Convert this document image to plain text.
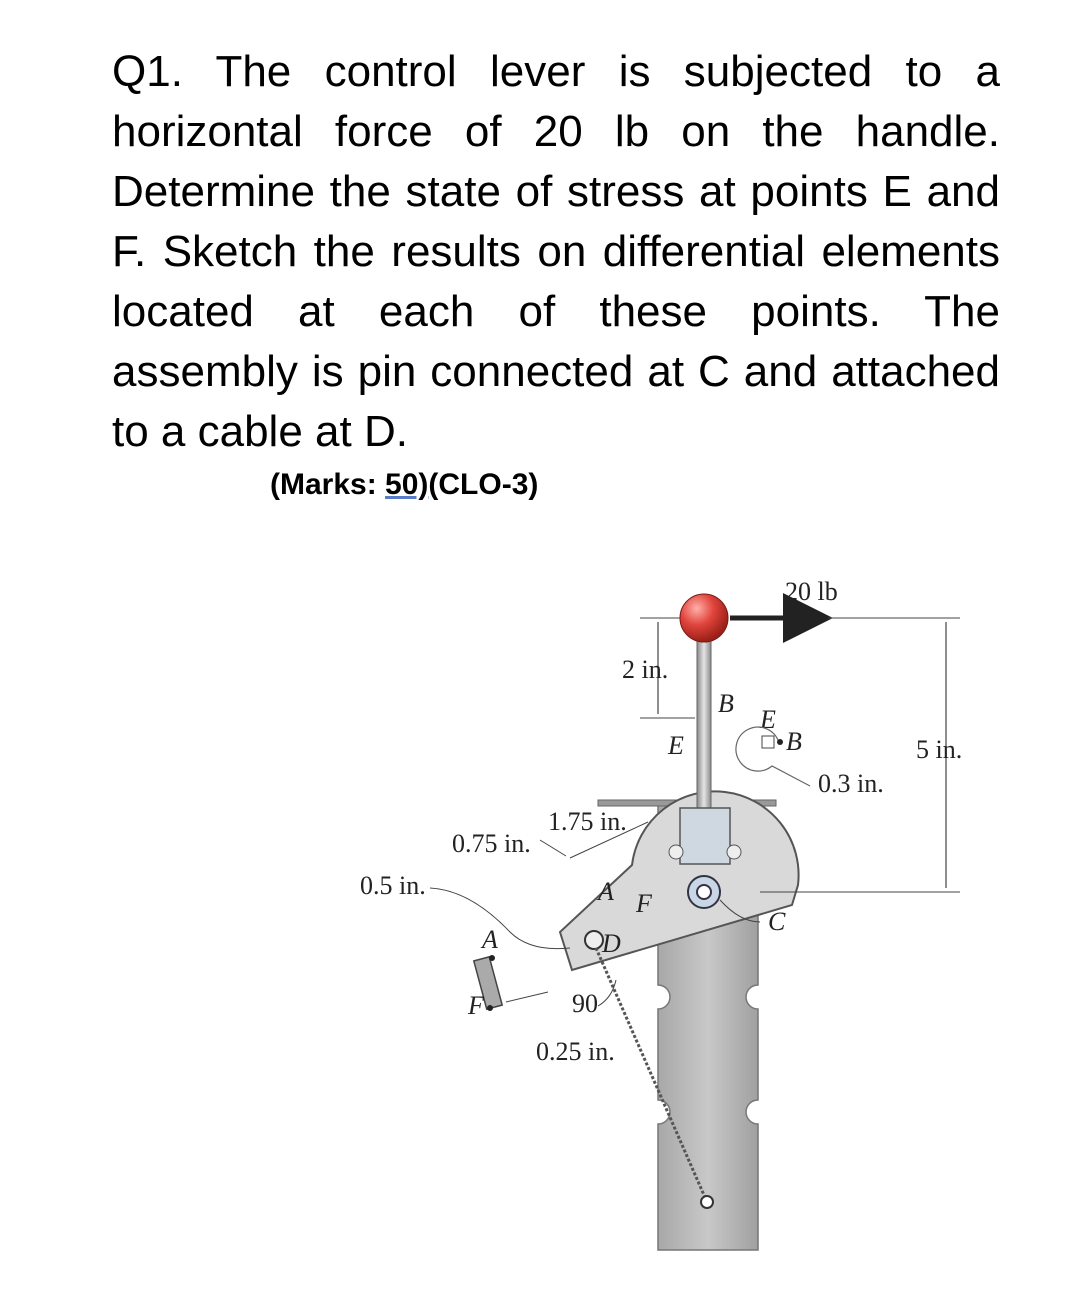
Q1. The control lever is subjected to a horizontal force of 20 lb on the handle. Determine the state of stress at points E and F. Sketch the results on differential elements located at each of these points. The assembly is pin connected at C and attached to a cable at D.

(Marks: 50)(CLO-3)
20 lb
5 in.
2 in.
B
E
E
B
0.3 in.
C
A F
D
1.75 in.
0.75 in.
0.5 in.
A
F	90
0.25 in.
